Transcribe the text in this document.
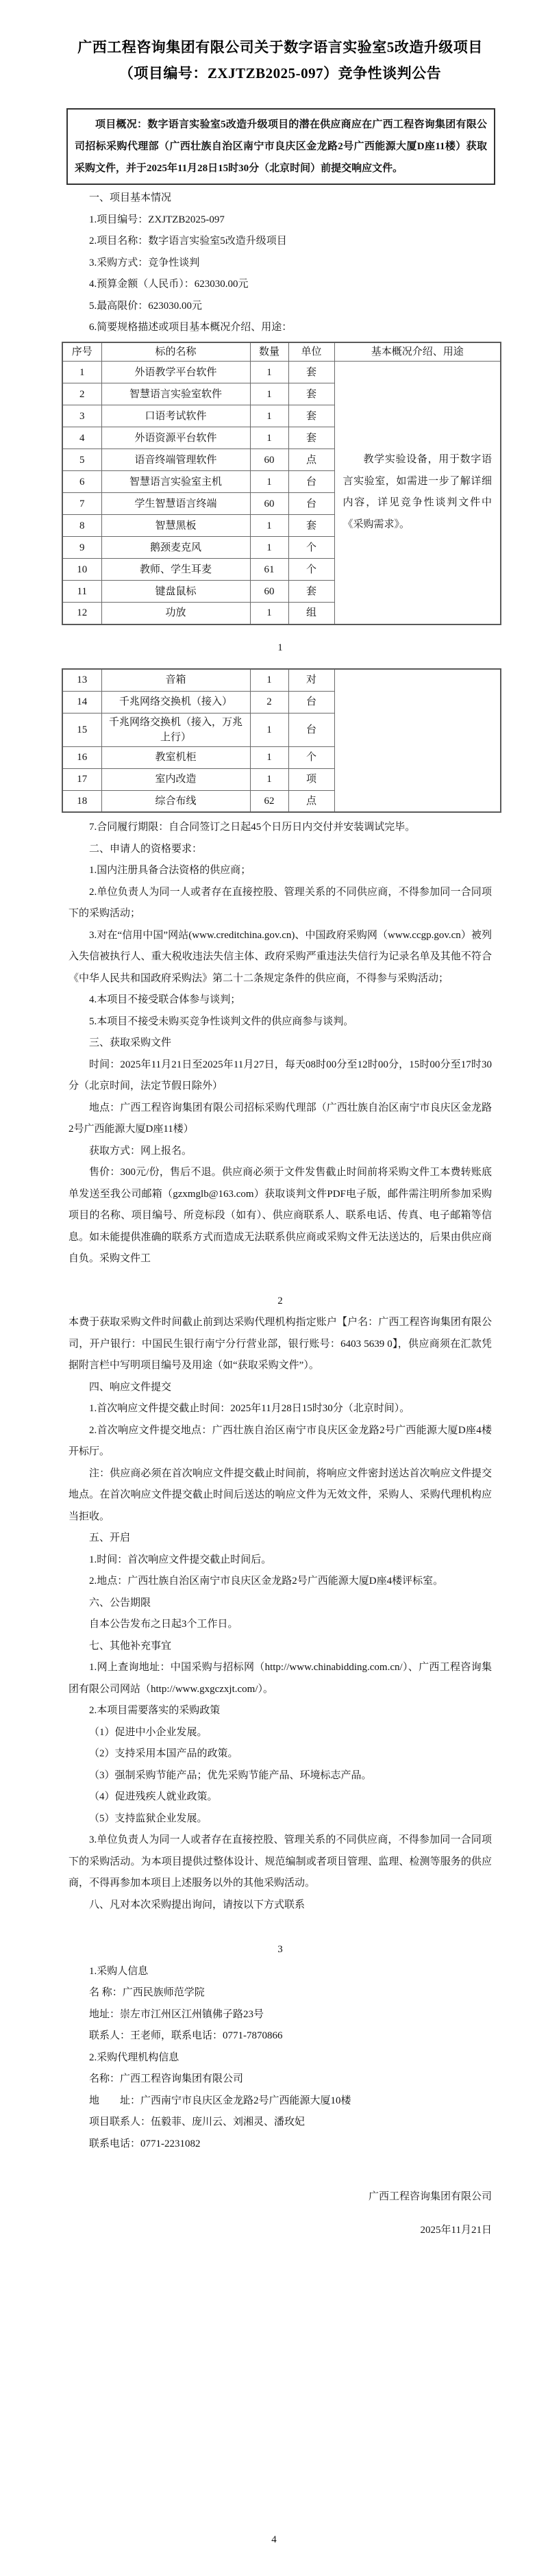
广西工程咨询集团有限公司关于数字语言实验室5改造升级项目
（项目编号：ZXJTZB2025-097）竞争性谈判公告

项目概况：数字语言实验室5改造升级项目的潜在供应商应在广西工程咨询集团有限公司招标采购代理部（广西壮族自治区南宁市良庆区金龙路2号广西能源大厦D座11楼）获取采购文件，并于2025年11月28日15时30分（北京时间）前提交响应文件。

一、项目基本情况

1.项目编号：ZXJTZB2025-097

2.项目名称：数字语言实验室5改造升级项目

3.采购方式：竞争性谈判

4.预算金额（人民币）：623030.00元

5.最高限价：623030.00元

6.简要规格描述或项目基本概况介绍、用途：

序号	标的名称	数量	单位	基本概况介绍、用途
1	外语教学平台软件	1	套	教学实验设备，用于数字语言实验室，如需进一步了解详细内容，详见竞争性谈判文件中《采购需求》。

2	智慧语言实验室软件	1	套	
3	口语考试软件	1	套	
4	外语资源平台软件	1	套	
5	语音终端管理软件	60	点	
6	智慧语言实验室主机	1	台	
7	学生智慧语言终端	60	台	
8	智慧黑板	1	套	
9	鹅颈麦克风	1	个	
10	教师、学生耳麦	61	个	
11	键盘鼠标	60	套	
12	功放	1	组	
1
13	音箱	1	对	
14	千兆网络交换机（接入）	2	台	
15	千兆网络交换机（接入，万兆上行）	1	台	
16	教室机柜	1	个	
17	室内改造	1	项	
18	综合布线	62	点	

7.合同履行期限：自合同签订之日起45个日历日内交付并安装调试完毕。

二、申请人的资格要求：

1.国内注册具备合法资格的供应商；

2.单位负责人为同一人或者存在直接控股、管理关系的不同供应商，不得参加同一合同项下的采购活动；

3.对在“信用中国”网站(www.creditchina.gov.cn)、中国政府采购网（www.ccgp.gov.cn）被列入失信被执行人、重大税收违法失信主体、政府采购严重违法失信行为记录名单及其他不符合《中华人民共和国政府采购法》第二十二条规定条件的供应商，不得参与采购活动；

4.本项目不接受联合体参与谈判；

5.本项目不接受未购买竞争性谈判文件的供应商参与谈判。

三、获取采购文件

时间：2025年11月21日至2025年11月27日，每天08时00分至12时00分，15时00分至17时30分（北京时间，法定节假日除外）

地点：广西工程咨询集团有限公司招标采购代理部（广西壮族自治区南宁市良庆区金龙路2号广西能源大厦D座11楼）

获取方式：网上报名。

售价：300元/份，售后不退。供应商必须于文件发售截止时间前将采购文件工本费转账底单发送至我公司邮箱（gzxmglb@163.com）获取谈判文件PDF电子版，邮件需注明所参加采购项目的名称、项目编号、所竞标段（如有）、供应商联系人、联系电话、传真、电子邮箱等信息。如未能提供准确的联系方式而造成无法联系供应商或采购文件无法送达的，后果由供应商自负。采购文件工

2

本费于获取采购文件时间截止前到达采购代理机构指定账户【户名：广西工程咨询集团有限公司，开户银行：中国民生银行南宁分行营业部，银行账号：6403 5639 0】，供应商须在汇款凭据附言栏中写明项目编号及用途（如“获取采购文件”）。

四、响应文件提交

1.首次响应文件提交截止时间：2025年11月28日15时30分（北京时间）。

2.首次响应文件提交地点：广西壮族自治区南宁市良庆区金龙路2号广西能源大厦D座4楼开标厅。

注：供应商必须在首次响应文件提交截止时间前，将响应文件密封送达首次响应文件提交地点。在首次响应文件提交截止时间后送达的响应文件为无效文件，采购人、采购代理机构应当拒收。

五、开启

1.时间：首次响应文件提交截止时间后。

2.地点：广西壮族自治区南宁市良庆区金龙路2号广西能源大厦D座4楼评标室。

六、公告期限

自本公告发布之日起3个工作日。

七、其他补充事宜

1.网上查询地址：中国采购与招标网（http://www.chinabidding.com.cn/）、广西工程咨询集团有限公司网站（http://www.gxgczxjt.com/）。

2.本项目需要落实的采购政策

（1）促进中小企业发展。

（2）支持采用本国产品的政策。

（3）强制采购节能产品；优先采购节能产品、环境标志产品。

（4）促进残疾人就业政策。

（5）支持监狱企业发展。

3.单位负责人为同一人或者存在直接控股、管理关系的不同供应商，不得参加同一合同项下的采购活动。为本项目提供过整体设计、规范编制或者项目管理、监理、检测等服务的供应商，不得再参加本项目上述服务以外的其他采购活动。

八、凡对本次采购提出询问，请按以下方式联系

3

1.采购人信息

名 称：广西民族师范学院

地址：崇左市江州区江州镇佛子路23号

联系人：王老师，联系电话：0771-7870866

2.采购代理机构信息

名称：广西工程咨询集团有限公司

地　　址：广西南宁市良庆区金龙路2号广西能源大厦10楼

项目联系人：伍毅菲、庞川云、刘湘灵、潘玫妃

联系电话：0771-2231082

广西工程咨询集团有限公司
2025年11月21日
4
